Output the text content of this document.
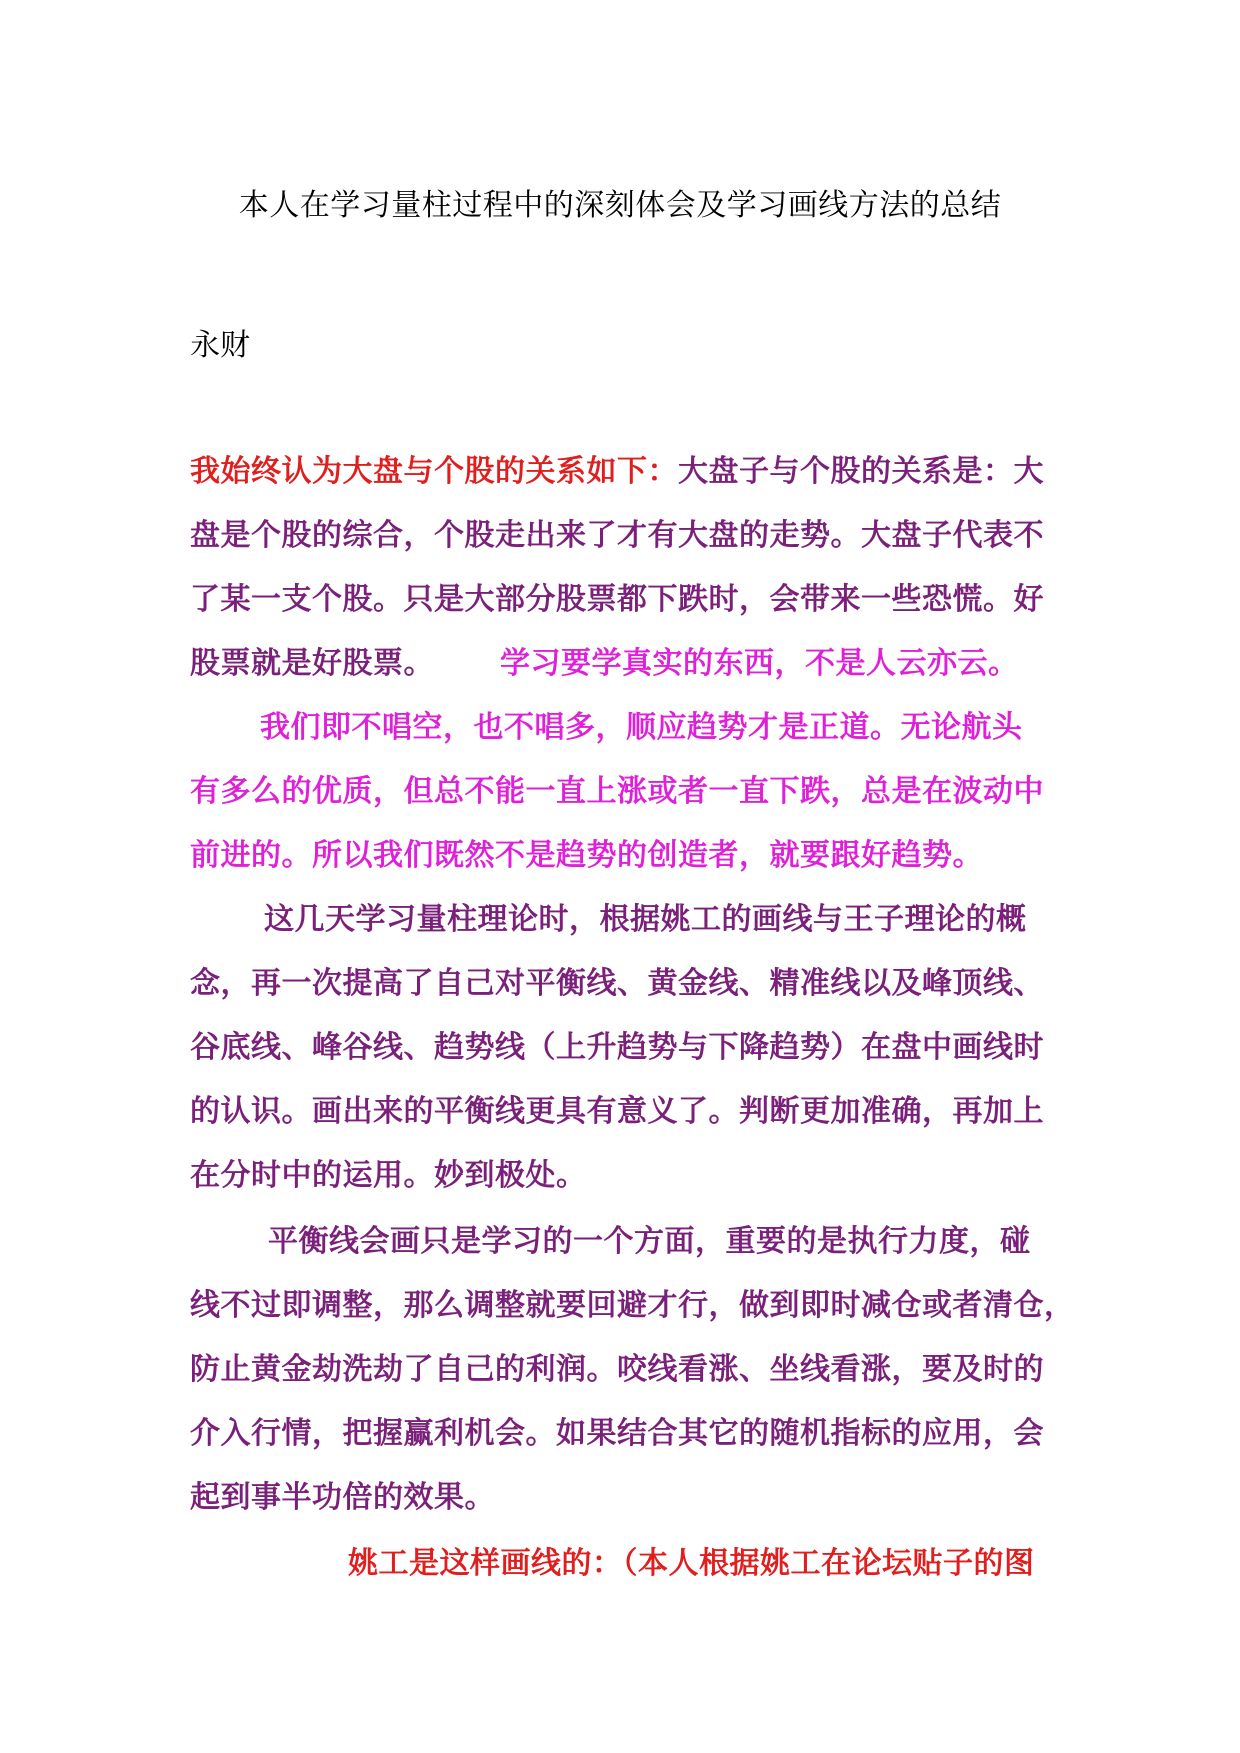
本人在学习量柱过程中的深刻体会及学习画线方法的总结
永财
我始终认为大盘与个股的关系如下：大盘子与个股的关系是：大
盘是个股的综合，个股走出来了才有大盘的走势。大盘子代表不
了某一支个股。只是大部分股票都下跌时，会带来一些恐慌。好
股票就是好股票。 学习要学真实的东西，不是人云亦云。
我们即不唱空，也不唱多，顺应趋势才是正道。无论航头
有多么的优质，但总不能一直上涨或者一直下跌，总是在波动中
前进的。所以我们既然不是趋势的创造者，就要跟好趋势。
这几天学习量柱理论时，根据姚工的画线与王子理论的概
念，再一次提高了自己对平衡线、黄金线、精准线以及峰顶线、
谷底线、峰谷线、趋势线（上升趋势与下降趋势）在盘中画线时
的认识。画出来的平衡线更具有意义了。判断更加准确，再加上
在分时中的运用。妙到极处。
平衡线会画只是学习的一个方面，重要的是执行力度，碰
线不过即调整，那么调整就要回避才行，做到即时减仓或者清仓，
防止黄金劫洗劫了自己的利润。咬线看涨、坐线看涨，要及时的
介入行情，把握赢利机会。如果结合其它的随机指标的应用，会
起到事半功倍的效果。
姚工是这样画线的：（本人根据姚工在论坛贴子的图
